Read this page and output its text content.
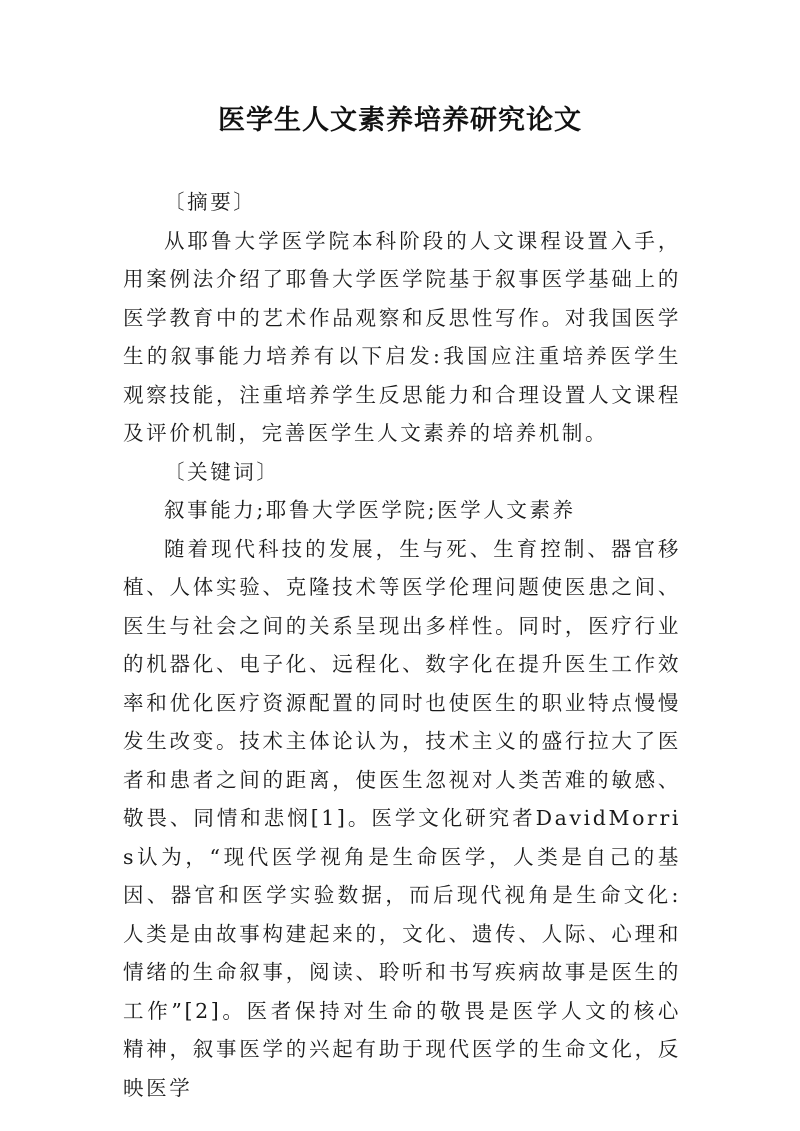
医学生人文素养培养研究论文

〔摘要〕

从耶鲁大学医学院本科阶段的人文课程设置入手，用案例法介绍了耶鲁大学医学院基于叙事医学基础上的医学教育中的艺术作品观察和反思性写作。对我国医学生的叙事能力培养有以下启发:我国应注重培养医学生观察技能，注重培养学生反思能力和合理设置人文课程及评价机制，完善医学生人文素养的培养机制。

〔关键词〕

叙事能力;耶鲁大学医学院;医学人文素养

随着现代科技的发展，生与死、生育控制、器官移植、人体实验、克隆技术等医学伦理问题使医患之间、医生与社会之间的关系呈现出多样性。同时，医疗行业的机器化、电子化、远程化、数字化在提升医生工作效率和优化医疗资源配置的同时也使医生的职业特点慢慢发生改变。技术主体论认为，技术主义的盛行拉大了医者和患者之间的距离，使医生忽视对人类苦难的敏感、敬畏、同情和悲悯[1]。医学文化研究者DavidMorris认为，“现代医学视角是生命医学，人类是自己的基因、器官和医学实验数据，而后现代视角是生命文化:人类是由故事构建起来的，文化、遗传、人际、心理和情绪的生命叙事，阅读、聆听和书写疾病故事是医生的工作”[2]。医者保持对生命的敬畏是医学人文的核心精神，叙事医学的兴起有助于现代医学的生命文化，反映医学
